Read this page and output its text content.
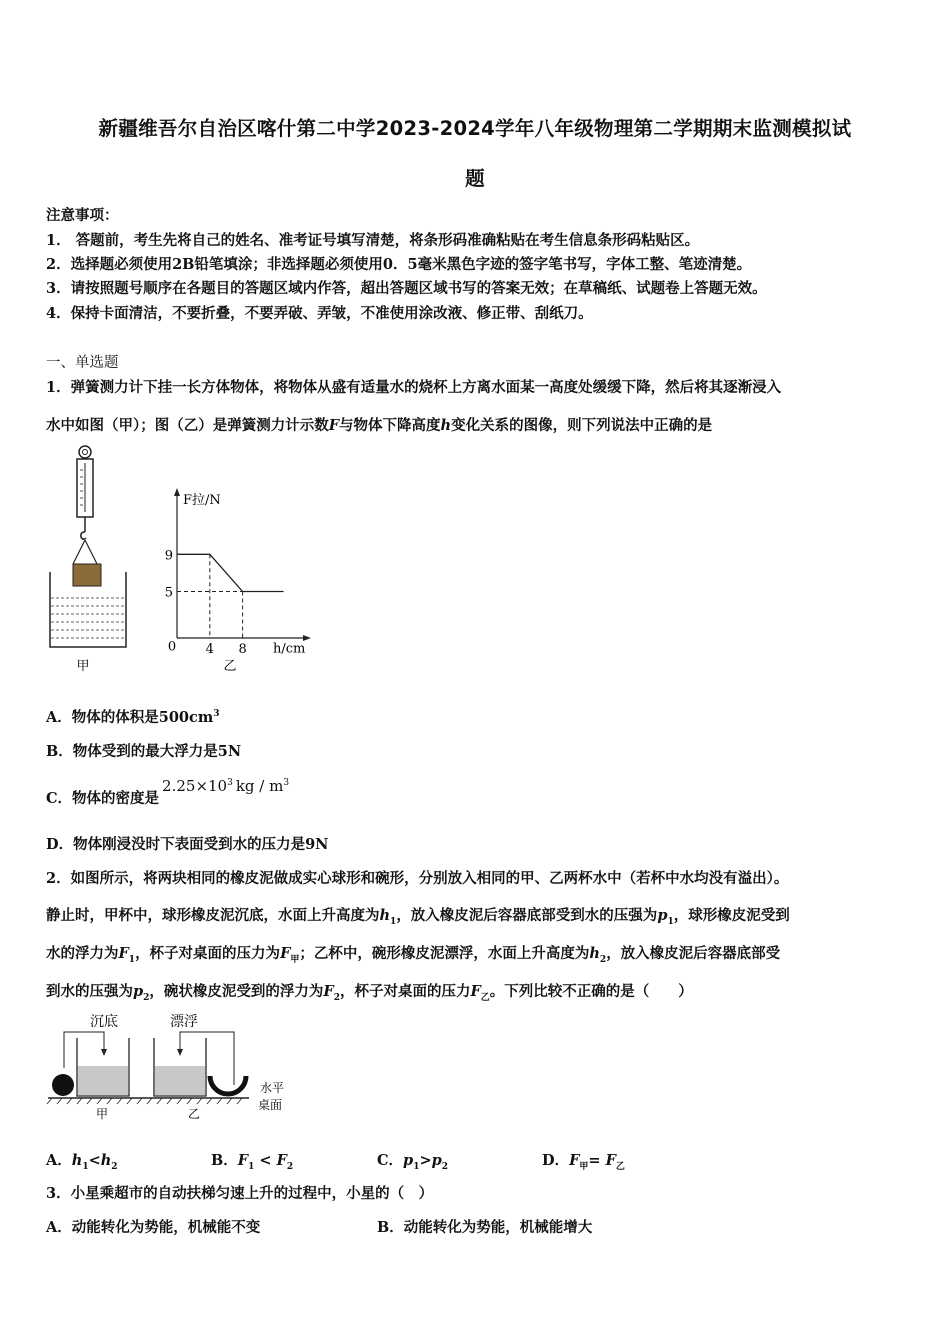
新疆维吾尔自治区喀什第二中学2023-2024学年八年级物理第二学期期末监测模拟试
题
注意事项：
1． 答题前，考生先将自己的姓名、准考证号填写清楚，将条形码准确粘贴在考生信息条形码粘贴区。
2．选择题必须使用2B铅笔填涂；非选择题必须使用0．5毫米黑色字迹的签字笔书写，字体工整、笔迹清楚。
3．请按照题号顺序在各题目的答题区域内作答，超出答题区域书写的答案无效；在草稿纸、试题卷上答题无效。
4．保持卡面清洁，不要折叠，不要弄破、弄皱，不准使用涂改液、修正带、刮纸刀。
一、单选题
1．弹簧测力计下挂一长方体物体，将物体从盛有适量水的烧杯上方离水面某一高度处缓缓下降，然后将其逐渐浸入
水中如图（甲）；图（乙）是弹簧测力计示数F与物体下降高度h变化关系的图像，则下列说法中正确的是
甲
F拉/N
h/cm
0
9
5
4 8
乙
A．物体的体积是$500cm^3$
B．物体受到的最大浮力是5N
C．物体的密度是$2.25\times 10^3$ kg / $m^3$
D．物体刚浸没时下表面受到水的压力是9N
2．如图所示，将两块相同的橡皮泥做成实心球形和碗形，分别放入相同的甲、乙两杯水中（若杯中水均没有溢出）。
静止时，甲杯中，球形橡皮泥沉底，水面上升高度为$h_1$，放入橡皮泥后容器底部受到水的压强为$p_1$，球形橡皮泥受到
水的浮力为$F_1$，杯子对桌面的压力为$F_甲$；乙杯中，碗形橡皮泥漂浮，水面上升高度为$h_2$，放入橡皮泥后容器底部受
到水的压强为$p_2$，碗状橡皮泥受到的浮力为$F_2$，杯子对桌面的压力$F_乙$。下列比较不正确的是（　　）
沉底	漂浮
甲	乙
水平
桌面
A．$h_1<h_2$	B．$F_1 < F_2$	C．$p_1>p_2$	D．$F_甲= F_乙$
3．小星乘超市的自动扶梯匀速上升的过程中，小星的（　）
A．动能转化为势能，机械能不变	B．动能转化为势能，机械能增大
